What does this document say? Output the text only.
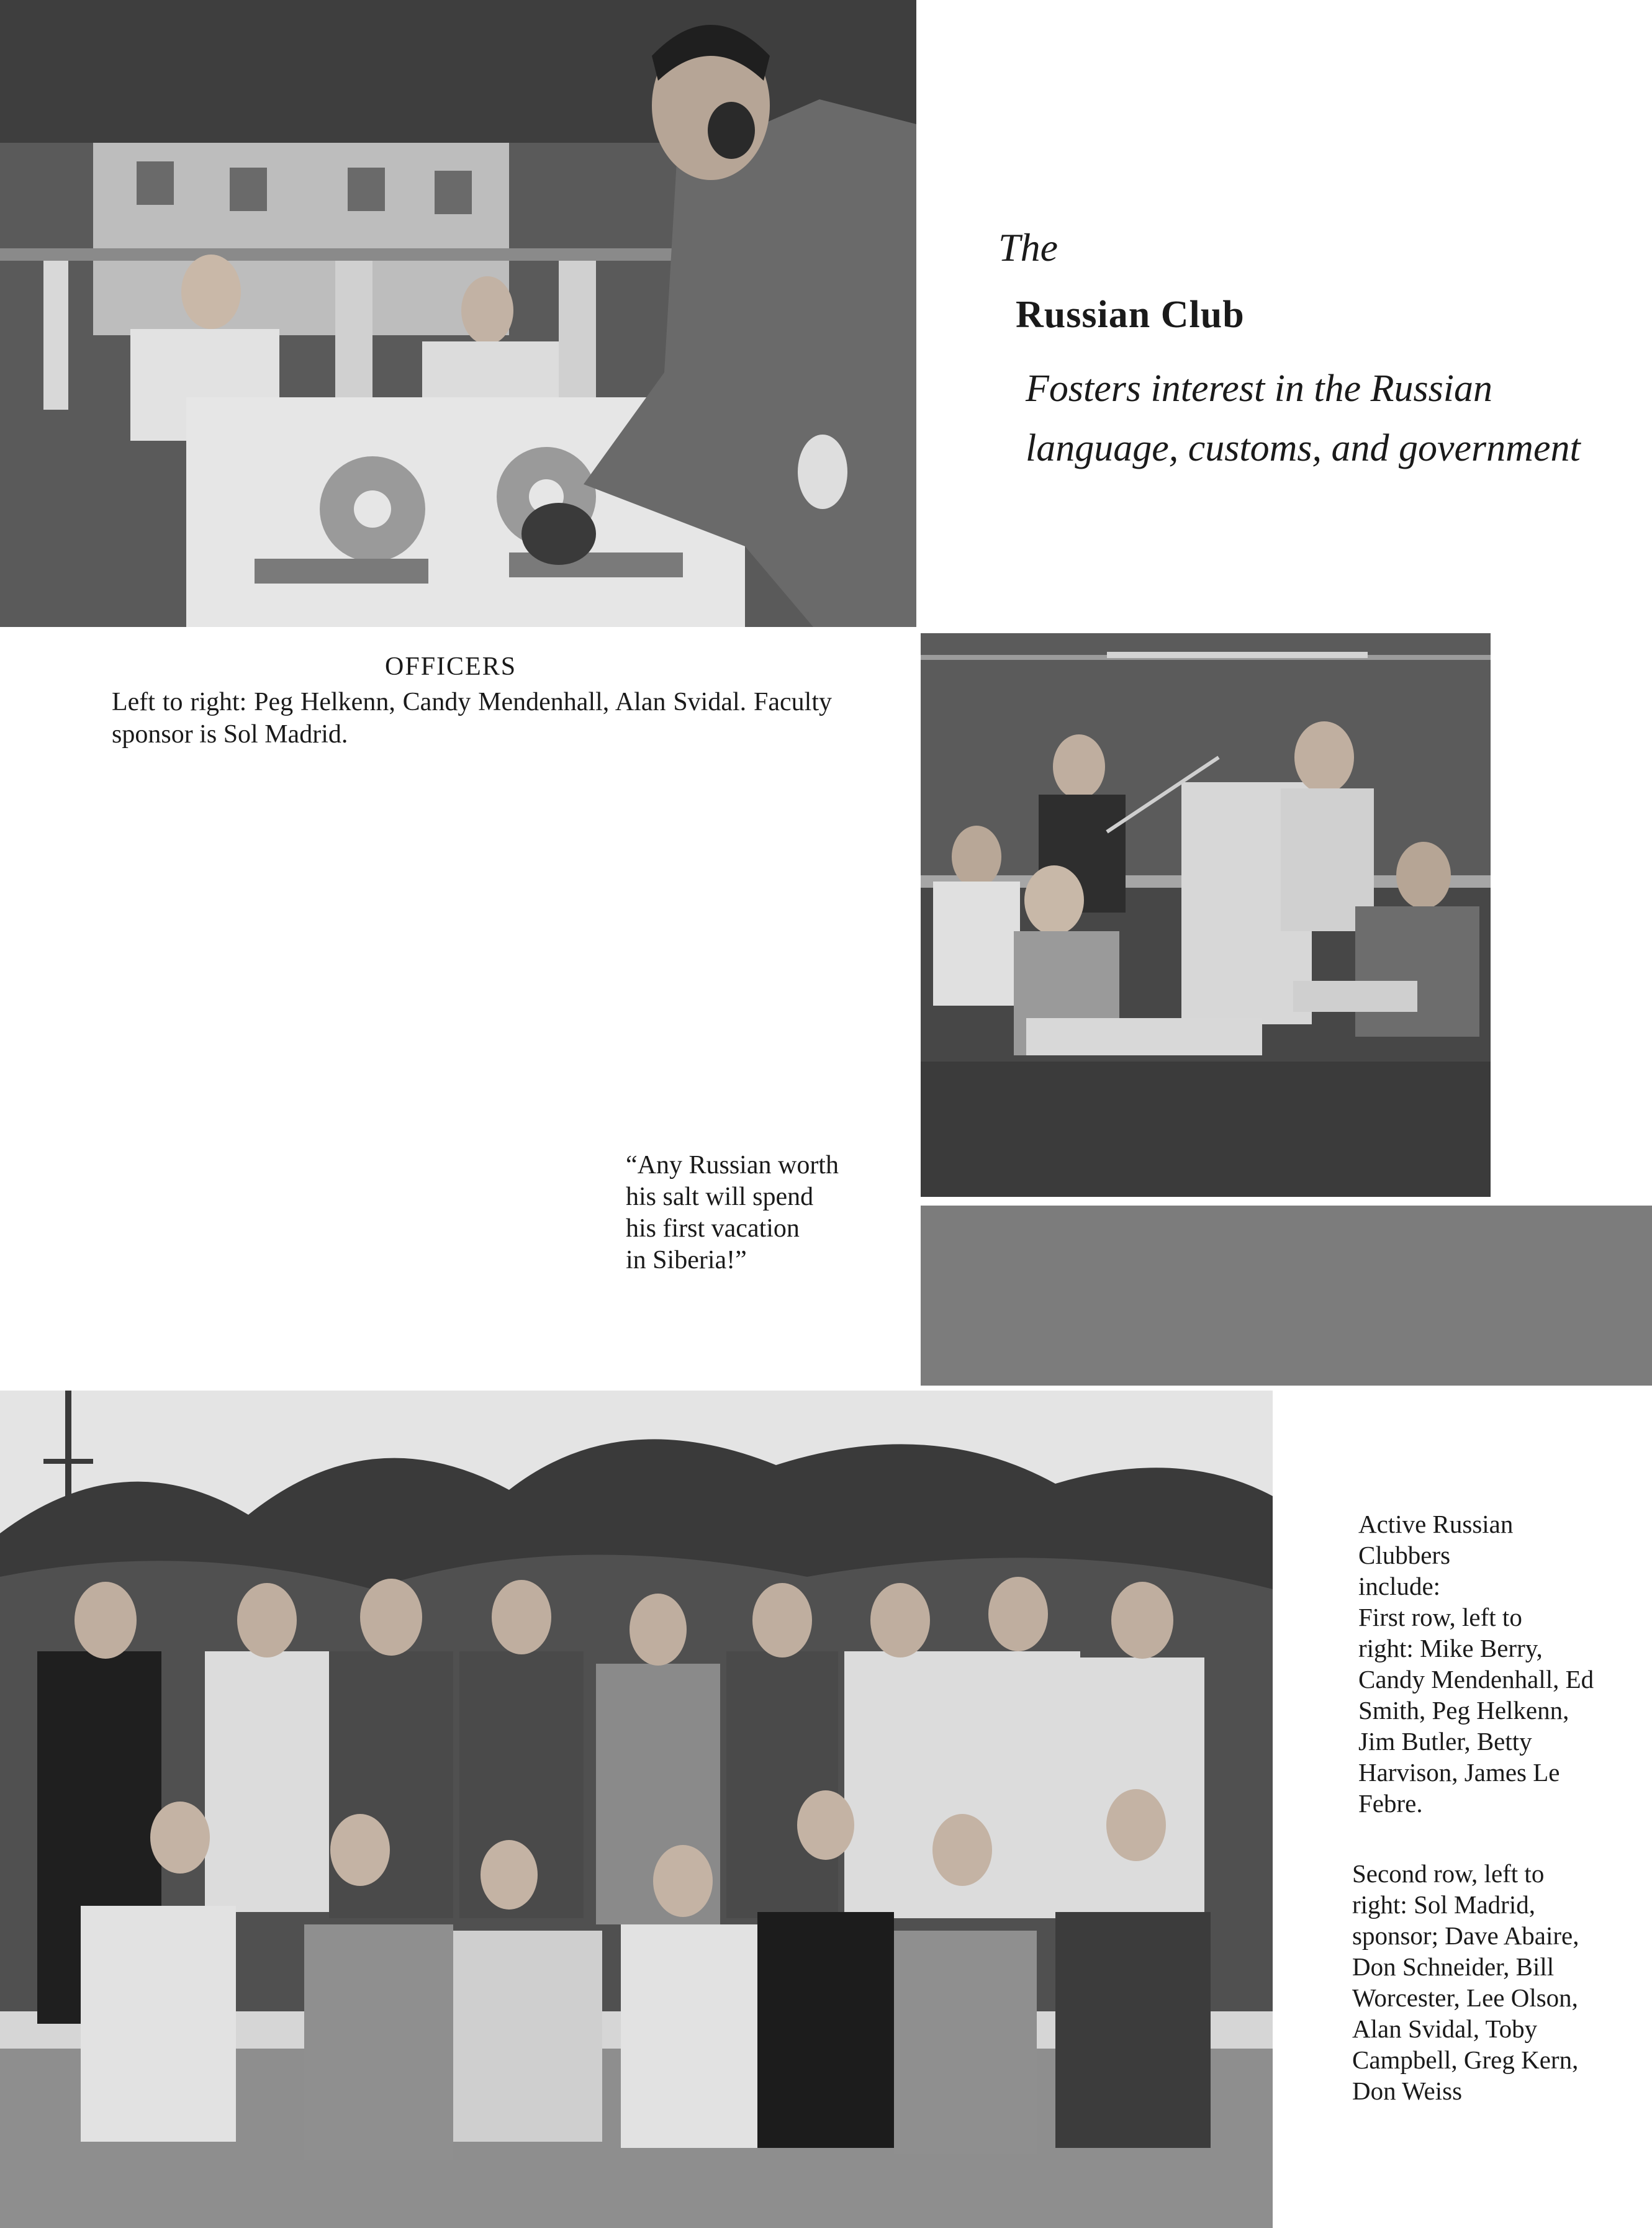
The

Russian Club

Fosters interest in the Russian
language, customs, and government

OFFICERS

Left to right: Peg Helkenn, Candy Mendenhall, Alan Svidal. Faculty sponsor is Sol Madrid.

“Any Russian worth
his salt will spend
his first vacation
in Siberia!”

Active Russian
Clubbers
include:
First row, left to
right: Mike Berry,
Candy Mendenhall, Ed
Smith, Peg Helkenn,
Jim Butler, Betty
Harvison, James Le
Febre.

Second row, left to
right: Sol Madrid,
sponsor; Dave Abaire,
Don Schneider, Bill
Worcester, Lee Olson,
Alan Svidal, Toby
Campbell, Greg Kern,
Don Weiss
